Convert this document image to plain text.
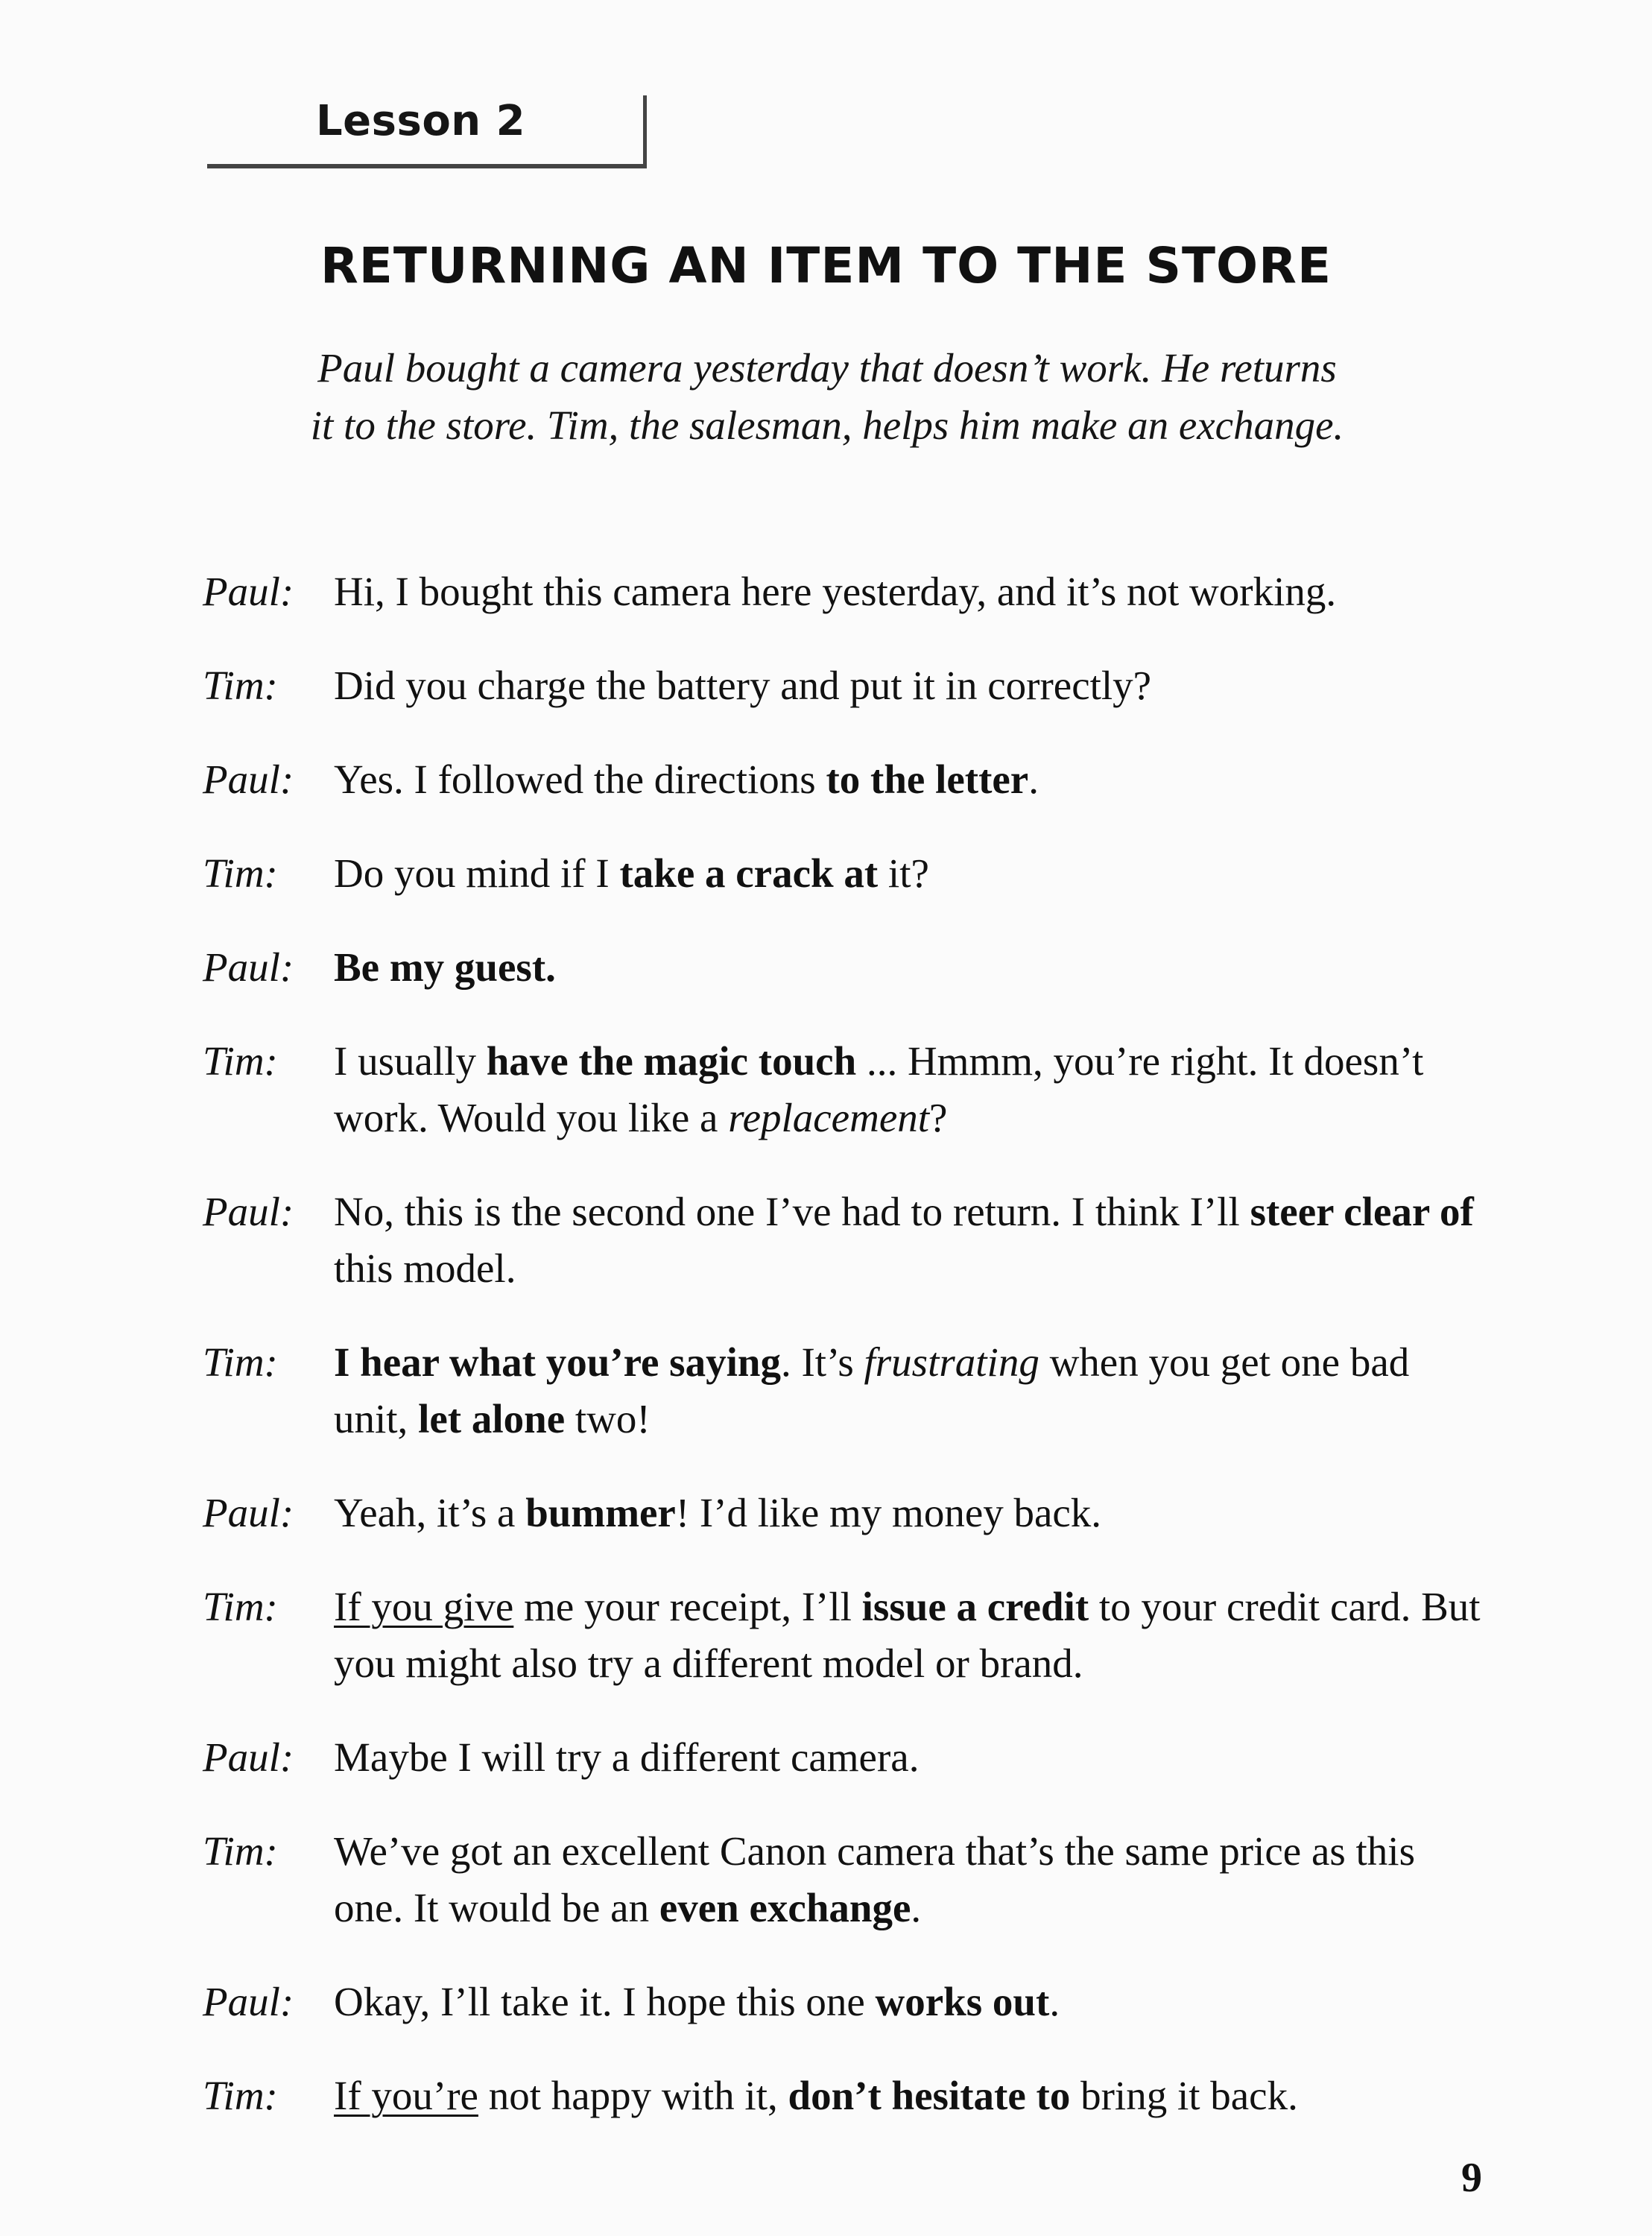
Lesson 2
RETURNING AN ITEM TO THE STORE
Paul bought a camera yesterday that doesn’t work. He returns
it to the store. Tim, the salesman, helps him make an exchange.
Paul: Hi, I bought this camera here yesterday, and it’s not working.
Tim:	Did you charge the battery and put it in correctly?
Paul: Yes. I followed the directions to the letter.
Tim:	Do you mind if I take a crack at it?
Paul: Be my guest.
Tim:	I usually have the magic touch ... Hmmm, you’re right. It doesn’t work. Would you like a replacement?
Paul: No, this is the second one I’ve had to return. I think I’ll steer clear of this model.
Tim:	I hear what you’re saying. It’s frustrating when you get one bad unit, let alone two!
Paul: Yeah, it’s a bummer! I’d like my money back.
Tim:	If you give me your receipt, I’ll issue a credit to your credit card. But you might also try a different model or brand.
Paul: Maybe I will try a different camera.
Tim:	We’ve got an excellent Canon camera that’s the same price as this one. It would be an even exchange.
Paul: Okay, I’ll take it. I hope this one works out.
Tim:	If you’re not happy with it, don’t hesitate to bring it back.
9
